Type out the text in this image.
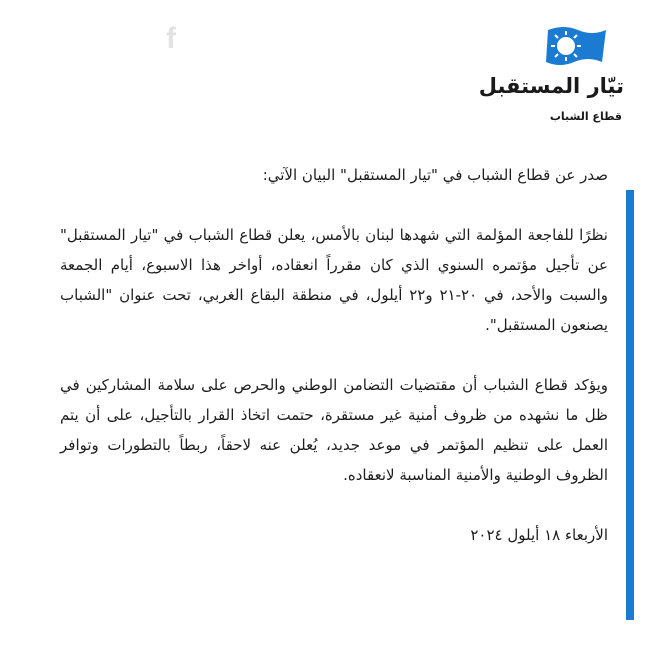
f
تيّار المستقبل
قطاع الشباب

صدر عن قطاع الشباب في "تيار المستقبل" البيان الآتي:

نظرًا للفاجعة المؤلمة التي شهدها لبنان بالأمس، يعلن قطاع الشباب في "تيار المستقبل" عن تأجيل مؤتمره السنوي الذي كان مقرراً انعقاده، أواخر هذا الاسبوع، أيام الجمعة والسبت والأحد، في ٢٠-٢١ و٢٢ أيلول، في منطقة البقاع الغربي، تحت عنوان "الشباب يصنعون المستقبل".

ويؤكد قطاع الشباب أن مقتضيات التضامن الوطني والحرص على سلامة المشاركين في ظل ما نشهده من ظروف أمنية غير مستقرة، حتمت اتخاذ القرار بالتأجيل، على أن يتم العمل على تنظيم المؤتمر في موعد جديد، يُعلن عنه لاحقاً، ربطاً بالتطورات وتوافر الظروف الوطنية والأمنية المناسبة لانعقاده.

الأربعاء ١٨ أيلول ٢٠٢٤
